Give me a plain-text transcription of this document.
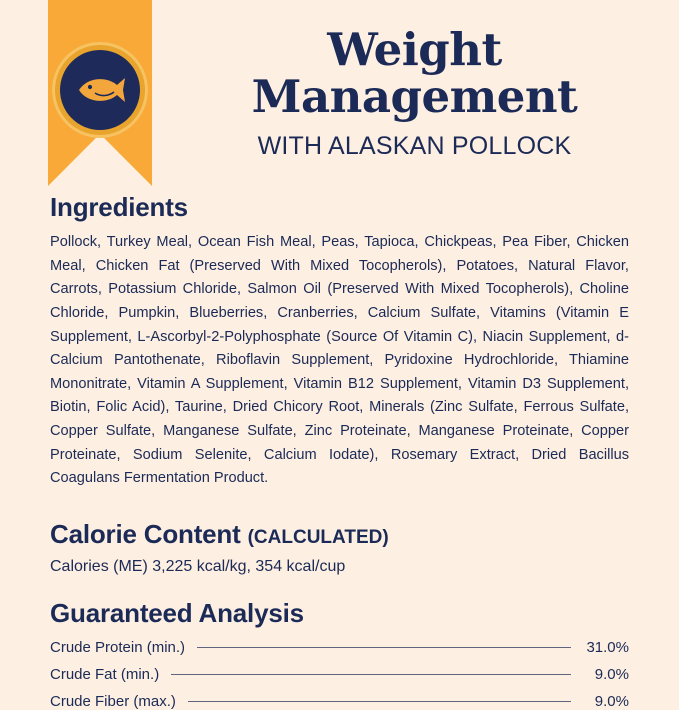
Weight
Management
WITH ALASKAN POLLOCK
Ingredients

Pollock, Turkey Meal, Ocean Fish Meal, Peas, Tapioca, Chickpeas, Pea Fiber, Chicken Meal, Chicken Fat (Preserved With Mixed Tocopherols), Potatoes, Natural Flavor, Carrots, Potassium Chloride, Salmon Oil (Preserved With Mixed Tocopherols), Choline Chloride, Pumpkin, Blueberries, Cranberries, Calcium Sulfate, Vitamins (Vitamin E Supplement, L-Ascorbyl-2-Polyphosphate (Source Of Vitamin C), Niacin Supplement, d-Calcium Pantothenate, Riboflavin Supplement, Pyridoxine Hydrochloride, Thiamine Mononitrate, Vitamin A Supplement, Vitamin B12 Supplement, Vitamin D3 Supplement, Biotin, Folic Acid), Taurine, Dried Chicory Root, Minerals (Zinc Sulfate, Ferrous Sulfate, Copper Sulfate, Manganese Sulfate, Zinc Proteinate, Manganese Proteinate, Copper Proteinate, Sodium Selenite, Calcium Iodate), Rosemary Extract, Dried Bacillus Coagulans Fermentation Product.

Calorie Content (CALCULATED)

Calories (ME) 3,225 kcal/kg, 354 kcal/cup

Guaranteed Analysis
Crude Protein (min.)	31.0%
Crude Fat (min.)	9.0%
Crude Fiber (max.)	9.0%
